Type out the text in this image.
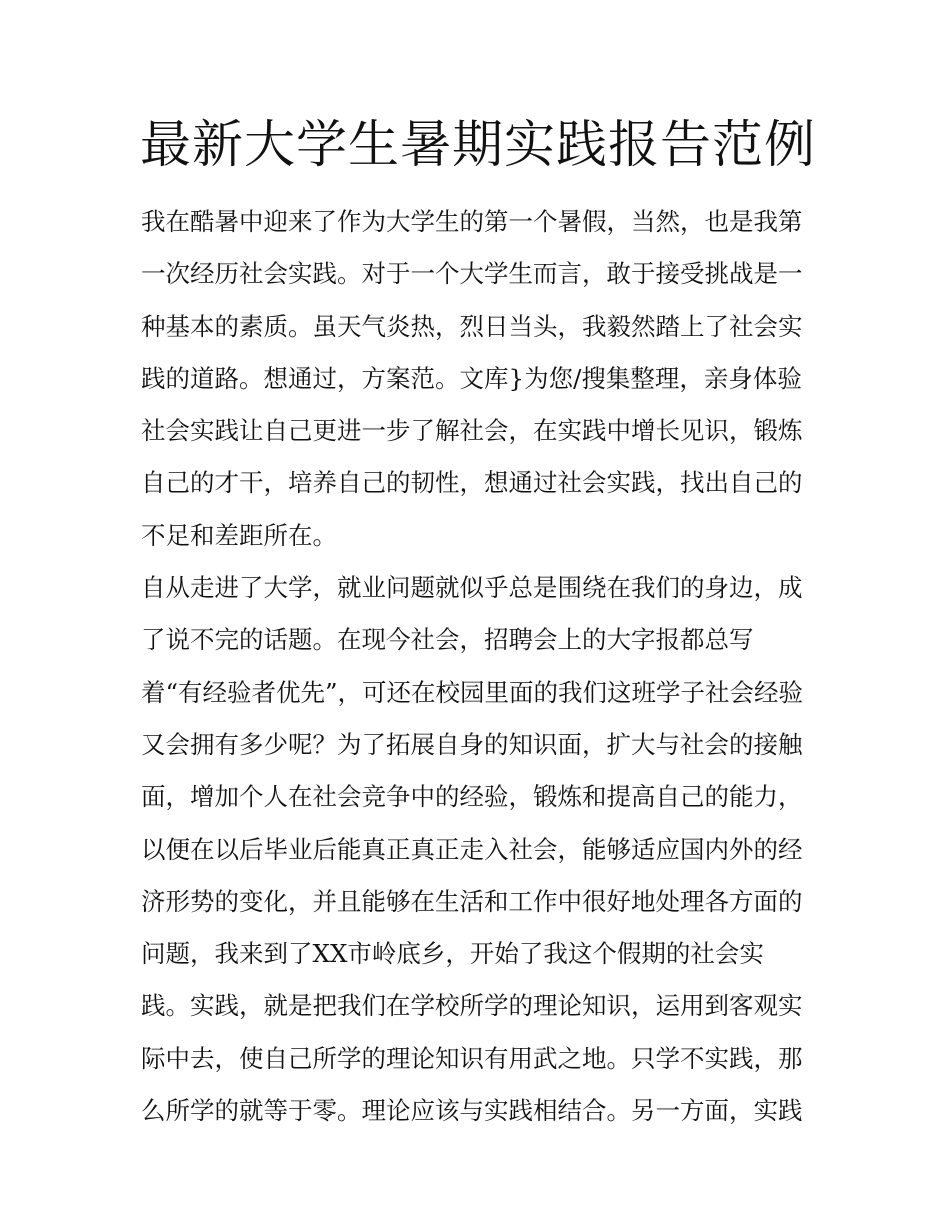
最新大学生暑期实践报告范例
我在酷暑中迎来了作为大学生的第一个暑假，当然，也是我第
一次经历社会实践。对于一个大学生而言，敢于接受挑战是一
种基本的素质。虽天气炎热，烈日当头，我毅然踏上了社会实
践的道路。想通过，方案范。文库}为您/搜集整理，亲身体验
社会实践让自己更进一步了解社会，在实践中增长见识，锻炼
自己的才干，培养自己的韧性，想通过社会实践，找出自己的
不足和差距所在。
自从走进了大学，就业问题就似乎总是围绕在我们的身边，成
了说不完的话题。在现今社会，招聘会上的大字报都总写
着“有经验者优先”，可还在校园里面的我们这班学子社会经验
又会拥有多少呢？为了拓展自身的知识面，扩大与社会的接触
面，增加个人在社会竞争中的经验，锻炼和提高自己的能力，
以便在以后毕业后能真正真正走入社会，能够适应国内外的经
济形势的变化，并且能够在生活和工作中很好地处理各方面的
问题，我来到了XX市岭底乡，开始了我这个假期的社会实
践。实践，就是把我们在学校所学的理论知识，运用到客观实
际中去，使自己所学的理论知识有用武之地。只学不实践，那
么所学的就等于零。理论应该与实践相结合。另一方面，实践
